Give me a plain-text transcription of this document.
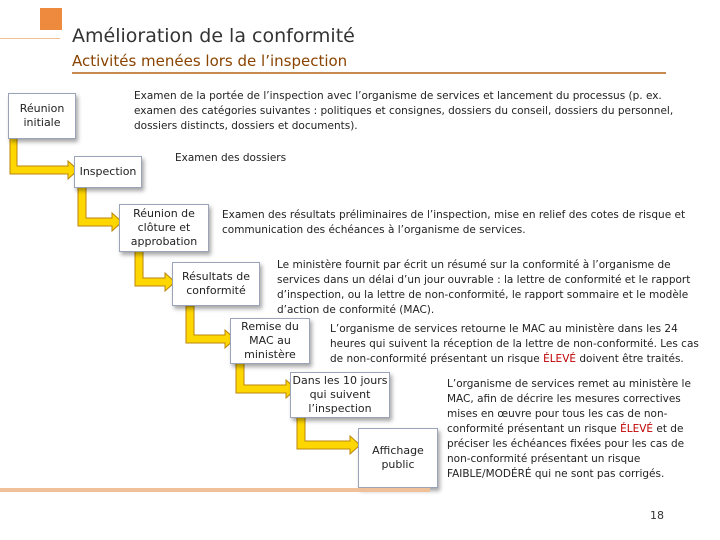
Amélioration de la conformité
Activités menées lors de l’inspection
Réunion initiale
Inspection
Réunion de clôture et approbation
Résultats de conformité
Remise du MAC au ministère
Dans les 10 jours qui suivent l’inspection
Affichage public
Examen de la portée de l’inspection avec l’organisme de services et lancement du processus (p. ex. examen des catégories suivantes : politiques et consignes, dossiers du conseil, dossiers du personnel, dossiers distincts, dossiers et documents).
Examen des dossiers
Examen des résultats préliminaires de l’inspection, mise en relief des cotes de risque et communication des échéances à l’organisme de services.
Le ministère fournit par écrit un résumé sur la conformité à l’organisme de services dans un délai d’un jour ouvrable : la lettre de conformité et le rapport d’inspection, ou la lettre de non-conformité, le rapport sommaire et le modèle d’action de conformité (MAC).
L’organisme de services retourne le MAC au ministère dans les 24 heures qui suivent la réception de la lettre de non-conformité. Les cas de non-conformité présentant un risque ÉLEVÉ doivent être traités.
L’organisme de services remet au ministère le MAC, afin de décrire les mesures correctives mises en œuvre pour tous les cas de non-conformité présentant un risque ÉLEVÉ et de préciser les échéances fixées pour les cas de non-conformité présentant un risque FAIBLE/MODÉRÉ qui ne sont pas corrigés.
18
